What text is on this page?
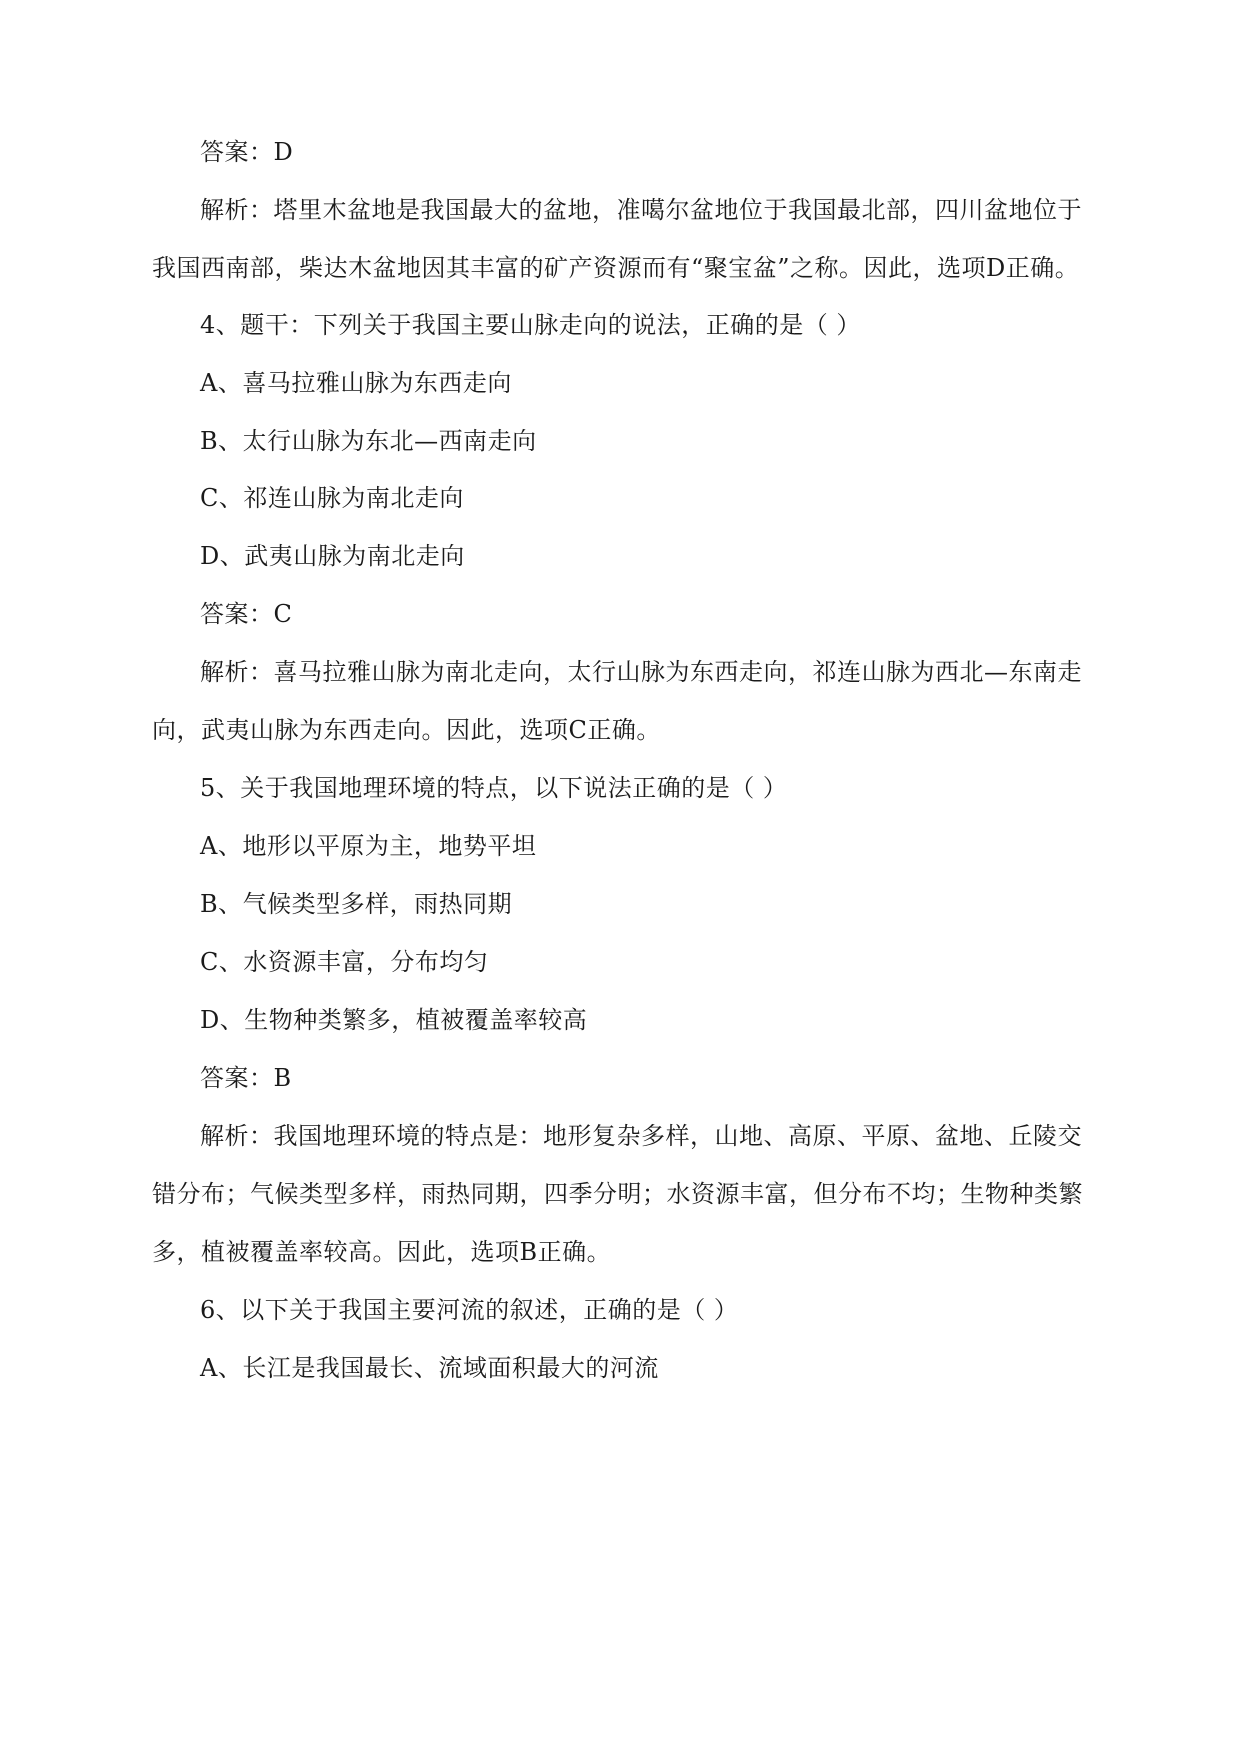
答案：D
解析：塔里木盆地是我国最大的盆地，准噶尔盆地位于我国最北部，四川盆地位于
我国西南部，柴达木盆地因其丰富的矿产资源而有“聚宝盆”之称。因此，选项D正确。
4、题干：下列关于我国主要山脉走向的说法，正确的是（ ）
A、喜马拉雅山脉为东西走向
B、太行山脉为东北—西南走向
C、祁连山脉为南北走向
D、武夷山脉为南北走向
答案：C
解析：喜马拉雅山脉为南北走向，太行山脉为东西走向，祁连山脉为西北—东南走
向，武夷山脉为东西走向。因此，选项C正确。
5、关于我国地理环境的特点，以下说法正确的是（ ）
A、地形以平原为主，地势平坦
B、气候类型多样，雨热同期
C、水资源丰富，分布均匀
D、生物种类繁多，植被覆盖率较高
答案：B
解析：我国地理环境的特点是：地形复杂多样，山地、高原、平原、盆地、丘陵交
错分布；气候类型多样，雨热同期，四季分明；水资源丰富，但分布不均；生物种类繁
多，植被覆盖率较高。因此，选项B正确。
6、以下关于我国主要河流的叙述，正确的是（ ）
A、长江是我国最长、流域面积最大的河流
